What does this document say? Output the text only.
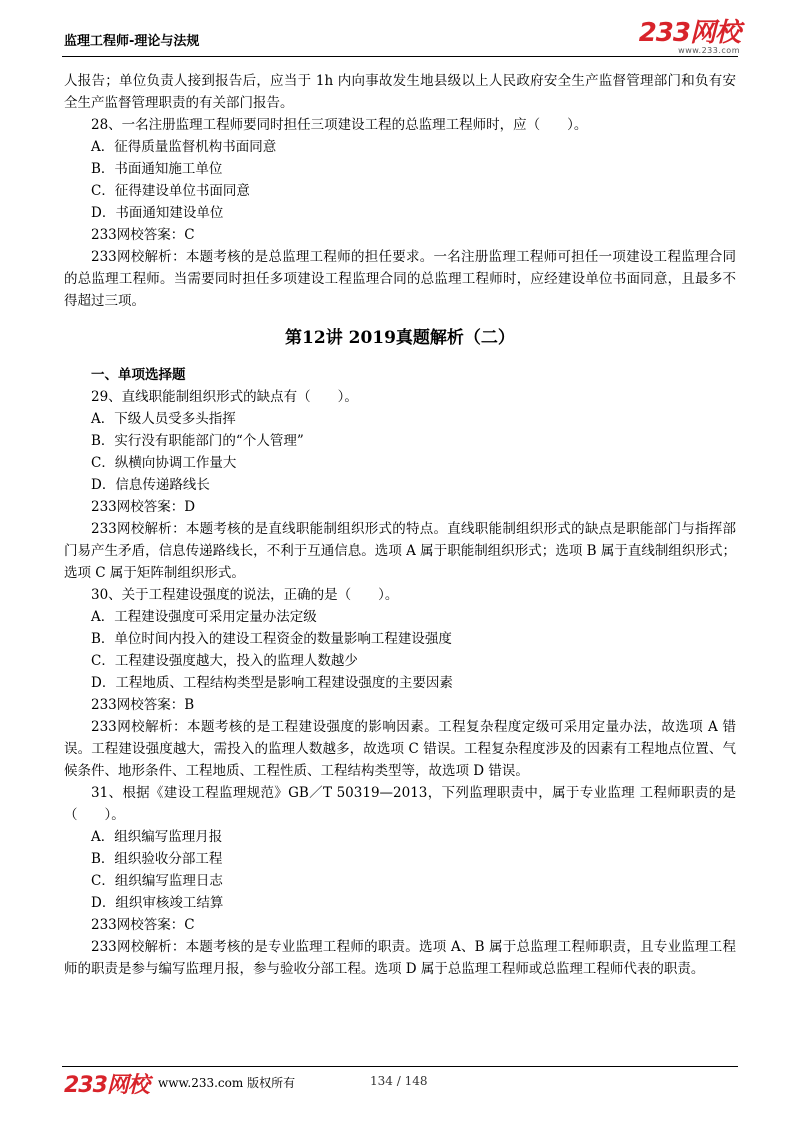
监理工程师-理论与法规	233网校
www.233.com

人报告；单位负责人接到报告后，应当于 1h 内向事故发生地县级以上人民政府安全生产监督管理部门和负有安全生产监督管理职责的有关部门报告。

28、一名注册监理工程师要同时担任三项建设工程的总监理工程师时，应（　　）。

A．征得质量监督机构书面同意

B．书面通知施工单位

C．征得建设单位书面同意

D．书面通知建设单位

233网校答案：C

233网校解析：本题考核的是总监理工程师的担任要求。一名注册监理工程师可担任一项建设工程监理合同的总监理工程师。当需要同时担任多项建设工程监理合同的总监理工程师时，应经建设单位书面同意，且最多不得超过三项。

第12讲 2019真题解析（二）

一、单项选择题

29、直线职能制组织形式的缺点有（　　）。

A．下级人员受多头指挥

B．实行没有职能部门的“个人管理”

C．纵横向协调工作量大

D．信息传递路线长

233网校答案：D

233网校解析：本题考核的是直线职能制组织形式的特点。直线职能制组织形式的缺点是职能部门与指挥部门易产生矛盾，信息传递路线长，不利于互通信息。选项 A 属于职能制组织形式；选项 B 属于直线制组织形式；选项 C 属于矩阵制组织形式。

30、关于工程建设强度的说法，正确的是（　　）。

A．工程建设强度可采用定量办法定级

B．单位时间内投入的建设工程资金的数量影响工程建设强度

C．工程建设强度越大，投入的监理人数越少

D．工程地质、工程结构类型是影响工程建设强度的主要因素

233网校答案：B

233网校解析：本题考核的是工程建设强度的影响因素。工程复杂程度定级可采用定量办法，故选项 A 错误。工程建设强度越大，需投入的监理人数越多，故选项 C 错误。工程复杂程度涉及的因素有工程地点位置、气候条件、地形条件、工程地质、工程性质、工程结构类型等，故选项 D 错误。

31、根据《建设工程监理规范》GB／T 50319—2013，下列监理职责中，属于专业监理 工程师职责的是（　　）。

A．组织编写监理月报

B．组织验收分部工程

C．组织编写监理日志

D．组织审核竣工结算

233网校答案：C

233网校解析：本题考核的是专业监理工程师的职责。选项 A、B 属于总监理工程师职责，且专业监理工程师的职责是参与编写监理月报，参与验收分部工程。选项 D 属于总监理工程师或总监理工程师代表的职责。

233网校 www.233.com 版权所有	134 / 148
